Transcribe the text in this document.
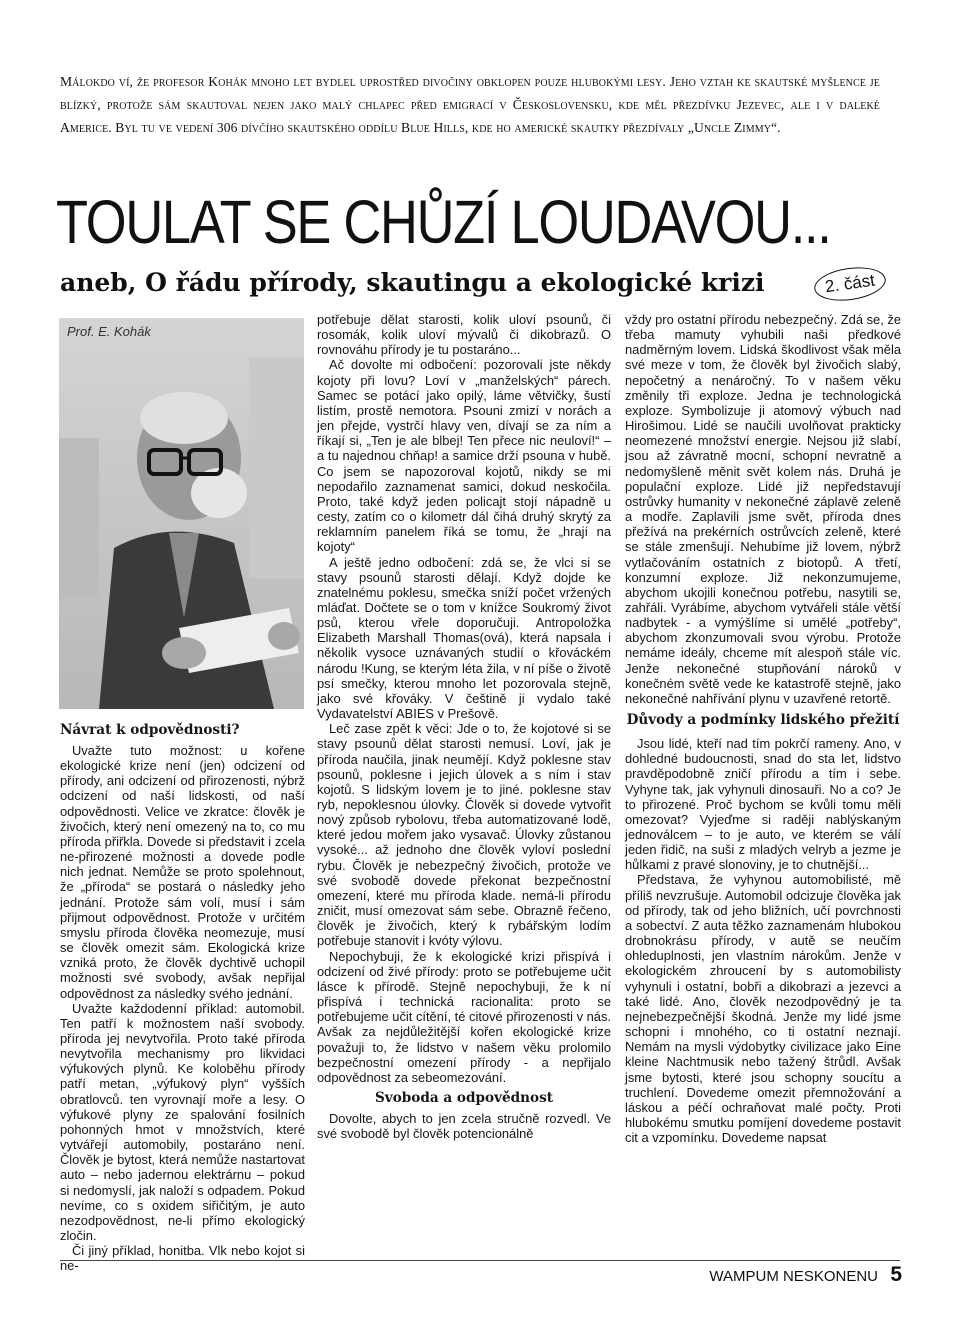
Málokdo ví, že profesor Kohák mnoho let bydlel uprostřed divočiny obklopen pouze hlubokými lesy. Jeho vztah ke skautské myšlence je blízký, protože sám skautoval nejen jako malý chlapec před emigrací v Československu, kde měl přezdívku Jezevec, ale i v daleké Americe. Byl tu ve vedení 306 dívčího skautského oddílu Blue Hills, kde ho americké skautky přezdívaly „Uncle Zimmy“.

TOULAT SE CHŮZÍ LOUDAVOU...
aneb, O řádu přírody, skautingu a ekologické krizi	2. část
Prof. E. Kohák
Návrat k odpovědnosti?

Uvažte tuto možnost: u kořene ekologické krize není (jen) odcizení od přírody, ani odcizení od přirozenosti, nýbrž odcizení od naší lidskosti, od naší odpovědnosti. Velice ve zkratce: člověk je živočich, který není omezený na to, co mu příroda přiřkla. Dovede si představit i zcela ne-přirozené možnosti a dovede podle nich jednat. Nemůže se proto spolehnout, že „příroda“ se postará o následky jeho jednání. Protože sám volí, musí i sám přijmout odpovědnost. Protože v určitém smyslu příroda člověka neomezuje, musí se člověk omezit sám. Ekologická krize vzniká proto, že člověk dychtivě uchopil možnosti své svobody, avšak nepřijal odpovědnost za následky svého jednání.

Uvažte každodenní příklad: automobil. Ten patří k možnostem naší svobody. příroda jej nevytvořila. Proto také příroda nevytvořila mechanismy pro likvidaci výfukových plynů. Ke koloběhu přírody patří metan, „výfukový plyn“ vyšších obratlovců. ten vyrovnají moře a lesy. O výfukové plyny ze spalování fosilních pohonných hmot v množstvích, které vytvářejí automobily, postaráno není. Člověk je bytost, která nemůže nastartovat auto – nebo jadernou elektrárnu – pokud si nedomyslí, jak naloží s odpadem. Pokud nevíme, co s oxidem siřičitým, je auto nezodpovědnost, ne-li přímo ekologický zločin.

Či jiný příklad, honitba. Vlk nebo kojot si ne-

potřebuje dělat starosti, kolik uloví psounů, či rosomák, kolik uloví mývalů či dikobrazů. O rovnováhu přírody je tu postaráno...

Ač dovolte mi odbočení: pozorovali jste někdy kojoty při lovu? Loví v „manželských“ párech. Samec se potácí jako opilý, láme větvičky, šustí listím, prostě nemotora. Psouni zmizí v norách a jen přejde, vystrčí hlavy ven, dívají se za ním a říkají si, „Ten je ale blbej! Ten přece nic neuloví!“ – a tu najednou chňap! a samice drží psouna v hubě. Co jsem se napozoroval kojotů, nikdy se mi nepodařilo zaznamenat samici, dokud neskočila. Proto, také když jeden policajt stojí nápadně u cesty, zatím co o kilometr dál čihá druhý skrytý za reklamním panelem říká se tomu, že „hrají na kojoty“

A ještě jedno odbočení: zdá se, že vlci si se stavy psounů starosti dělají. Když dojde ke znatelnému poklesu, smečka sníží počet vržených mláďat. Dočtete se o tom v knížce Soukromý život psů, kterou vřele doporučuji. Antropoložka Elizabeth Marshall Thomas(ová), která napsala i několik vysoce uznávaných studií o křováckém národu !Kung, se kterým léta žila, v ní píše o životě psí smečky, kterou mnoho let pozorovala stejně, jako své křováky. V češtině ji vydalo také Vydavatelství ABIES v Prešově.

Leč zase zpět k věci: Jde o to, že kojotové si se stavy psounů dělat starosti nemusí. Loví, jak je příroda naučila, jinak neumějí. Když poklesne stav psounů, poklesne i jejich úlovek a s ním i stav kojotů. S lidským lovem je to jiné. poklesne stav ryb, nepoklesnou úlovky. Člověk si dovede vytvořit nový způsob rybolovu, třeba automatizované lodě, které jedou mořem jako vysavač. Úlovky zůstanou vysoké... až jednoho dne člověk vyloví poslední rybu. Člověk je nebezpečný živočich, protože ve své svobodě dovede překonat bezpečnostní omezení, které mu příroda klade. nemá-li přírodu zničit, musí omezovat sám sebe. Obrazně řečeno, člověk je živočich, který k rybářským lodím potřebuje stanovit i kvóty výlovu.

Nepochybuji, že k ekologické krizi přispívá i odcizení od živé přírody: proto se potřebujeme učit lásce k přírodě. Stejně nepochybuji, že k ní přispívá i technická racionalita: proto se potřebujeme učit cítění, té citové přirozenosti v nás. Avšak za nejdůležitější kořen ekologické krize považuji to, že lidstvo v našem věku prolomilo bezpečnostní omezení přírody - a nepřijalo odpovědnost za sebeomezování.

Svoboda a odpovědnost

Dovolte, abych to jen zcela stručně rozvedl. Ve své svobodě byl člověk potencionálně

vždy pro ostatní přírodu nebezpečný. Zdá se, že třeba mamuty vyhubili naši předkové nadměrným lovem. Lidská škodlivost však měla své meze v tom, že člověk byl živočich slabý, nepočetný a nenáročný. To v našem věku změnily tři exploze. Jedna je technologická exploze. Symbolizuje ji atomový výbuch nad Hirošimou. Lidé se naučili uvolňovat prakticky neomezené množství energie. Nejsou již slabí, jsou až závratně mocní, schopní nevratně a nedomyšleně měnit svět kolem nás. Druhá je populační exploze. Lidé již nepředstavují ostrůvky humanity v nekonečné záplavě zeleně a modře. Zaplavili jsme svět, příroda dnes přežívá na prekérních ostrůvcích zeleně, které se stále zmenšují. Nehubíme již lovem, nýbrž vytlačováním ostatních z biotopů. A třetí, konzumní exploze. Již nekonzumujeme, abychom ukojili konečnou potřebu, nasytili se, zahřáli. Vyrábíme, abychom vytvářeli stále větší nadbytek - a vymýšlíme si umělé „potřeby“, abychom zkonzumovali svou výrobu. Protože nemáme ideály, chceme mít alespoň stále víc. Jenže nekonečné stupňování nároků v konečném světě vede ke katastrofě stejně, jako nekonečné nahřívání plynu v uzavřené retortě.

Důvody a podmínky lidského přežití

Jsou lidé, kteří nad tím pokrčí rameny. Ano, v dohledné budoucnosti, snad do sta let, lidstvo pravděpodobně zničí přírodu a tím i sebe. Vyhyne tak, jak vyhynuli dinosauři. No a co? Je to přirozené. Proč bychom se kvůli tomu měli omezovat? Vyjeďme si raději nablýskaným jednoválcem – to je auto, ve kterém se válí jeden řidič, na suši z mladých velryb a jezme je hůlkami z pravé slonoviny, je to chutnější...

Představa, že vyhynou automobilisté, mě příliš nevzrušuje. Automobil odcizuje člověka jak od přírody, tak od jeho bližních, učí povrchnosti a sobectví. Z auta těžko zaznamenám hlubokou drobnokrásu přírody, v autě se neučím ohleduplnosti, jen vlastním nárokům. Jenže v ekologickém zhroucení by s automobilisty vyhynuli i ostatní, bobři a dikobrazi a jezevci a také lidé. Ano, člověk nezodpovědný je ta nejnebezpečnější škodná. Jenže my lidé jsme schopni i mnohého, co ti ostatní neznají. Nemám na mysli výdobytky civilizace jako Eine kleine Nachtmusik nebo tažený štrůdl. Avšak jsme bytosti, které jsou schopny soucítu a truchlení. Dovedeme omezit přemnožování a láskou a péčí ochraňovat malé počty. Proti hlubokému smutku pomíjení dovedeme postavit cit a vzpomínku. Dovedeme napsat

WAMPUM NESKONENU 5
